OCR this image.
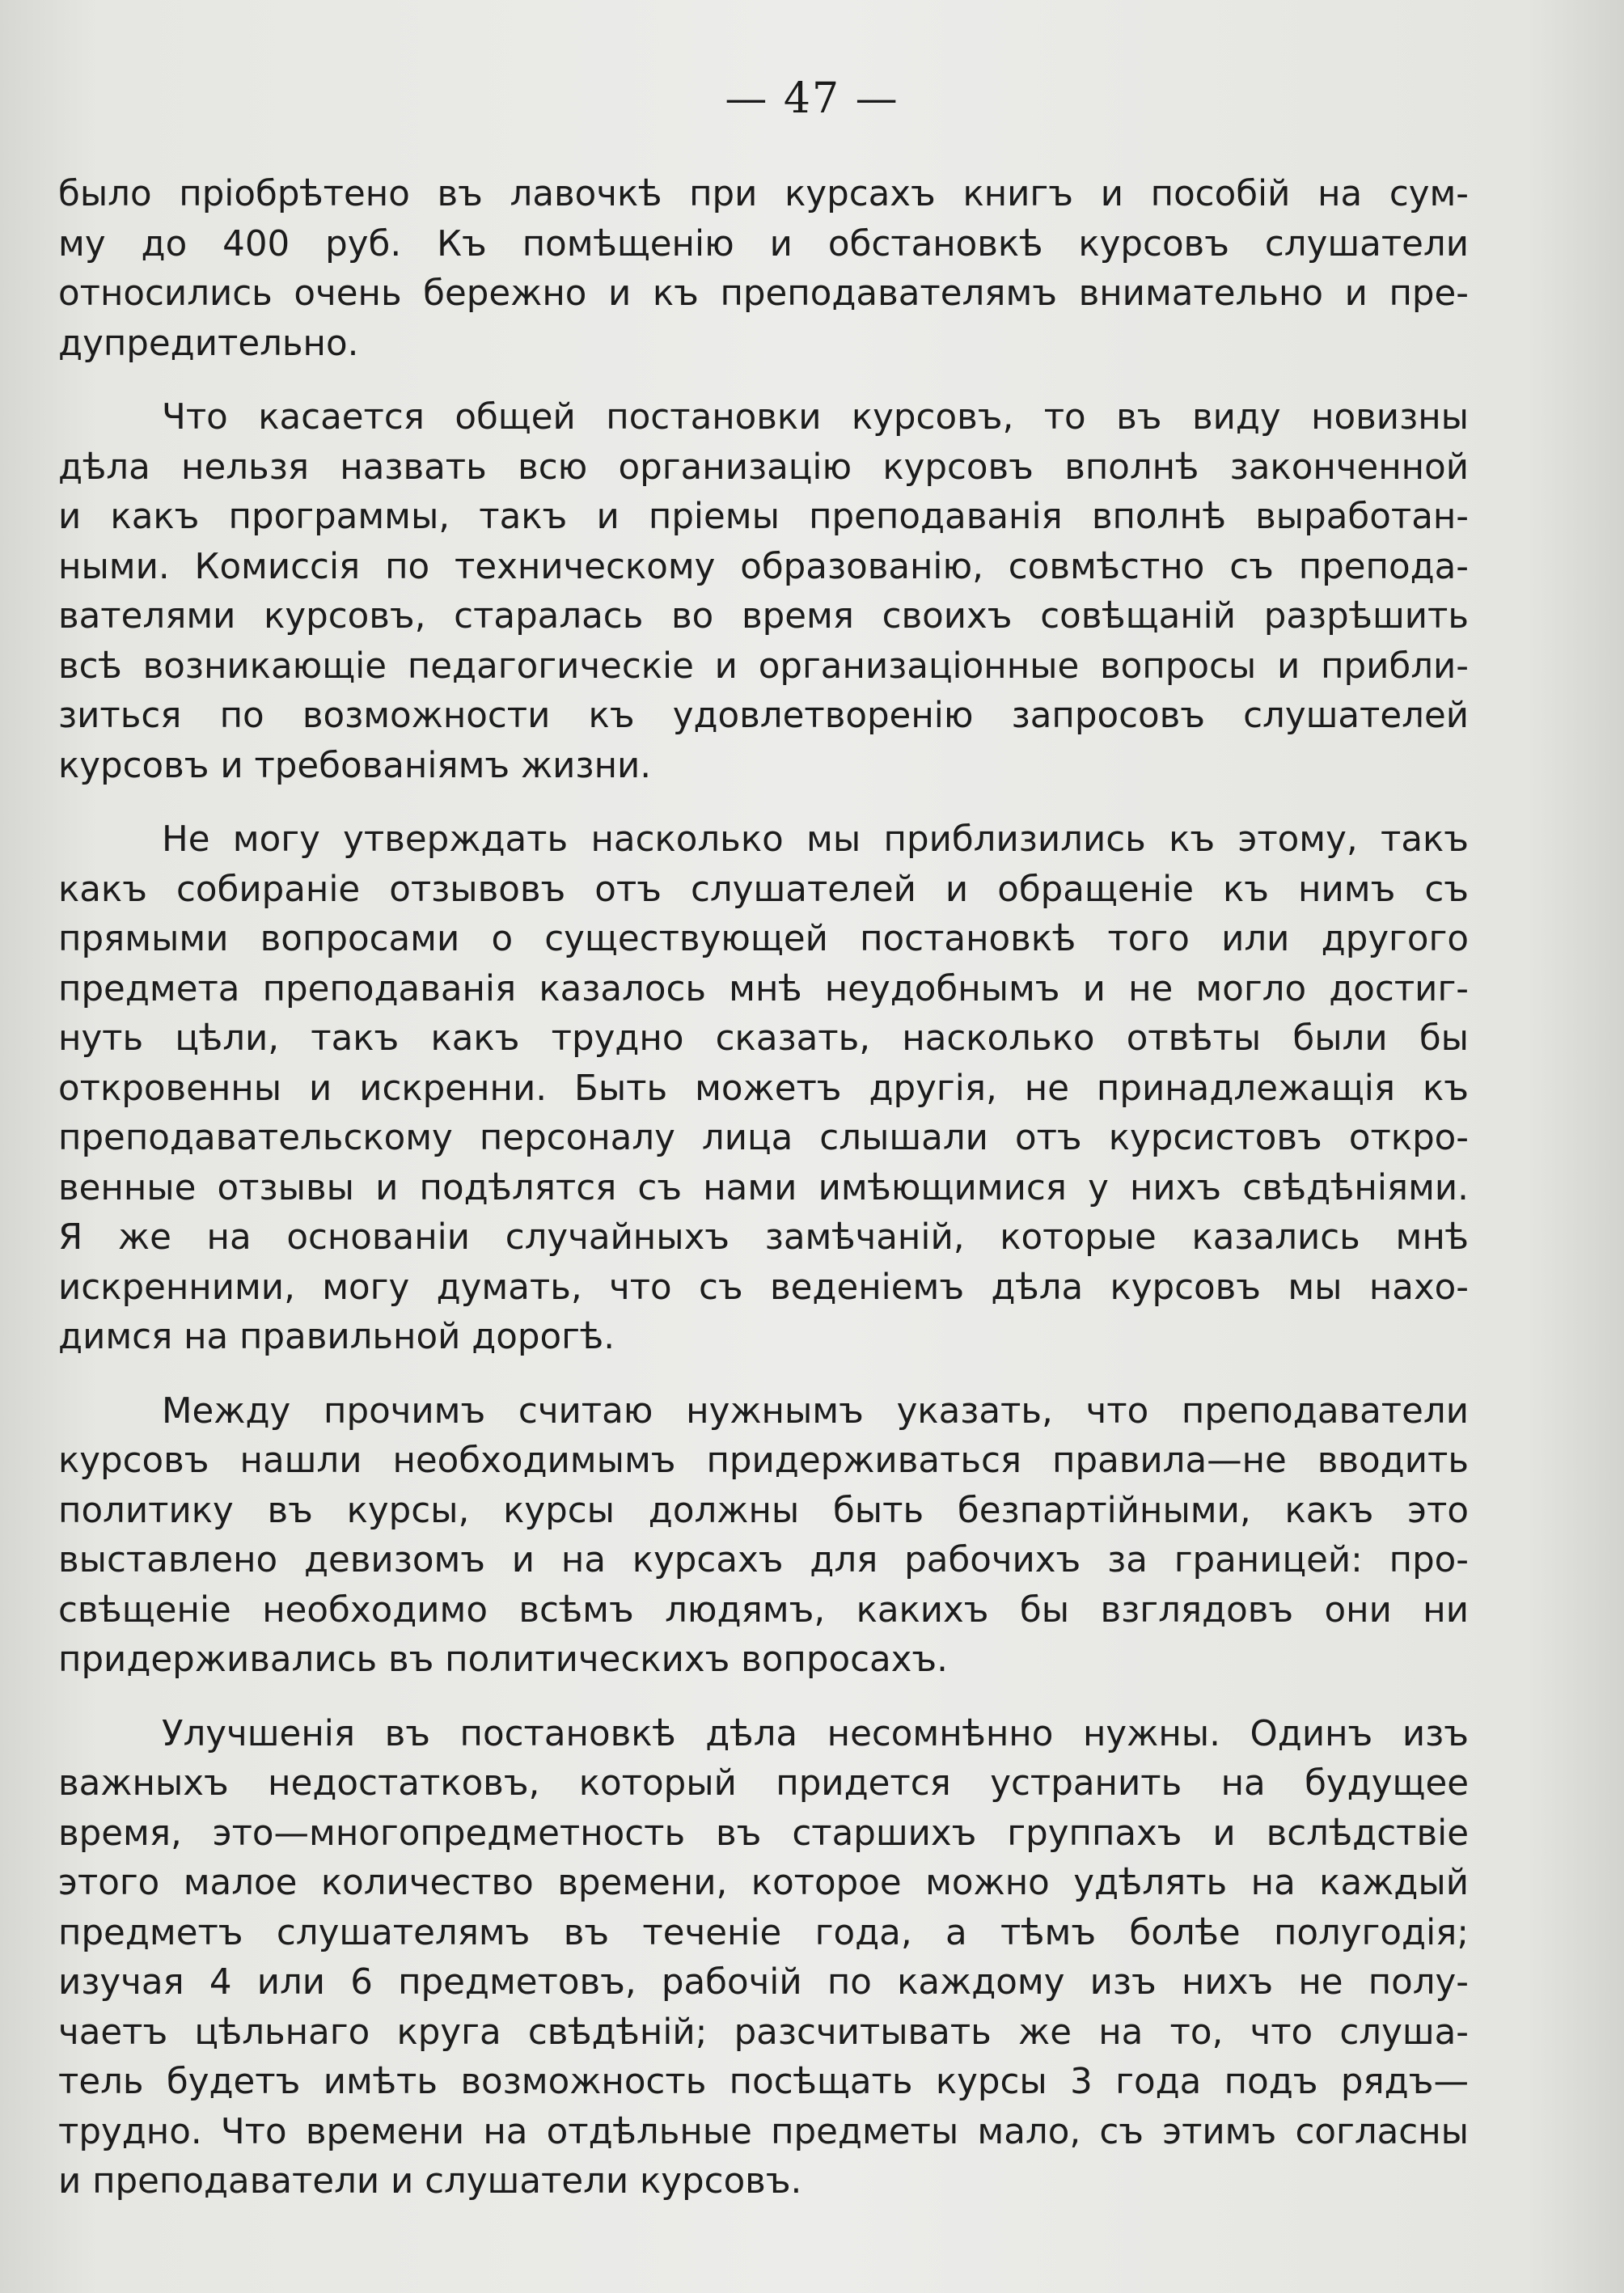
— 47 —
было пріобрѣтено въ лавочкѣ при курсахъ книгъ и пособій на сум-
му до 400 руб. Къ помѣщенію и обстановкѣ курсовъ слушатели
относились очень бережно и къ преподавателямъ внимательно и пре-
дупредительно.
Что касается общей постановки курсовъ, то въ виду новизны
дѣла нельзя назвать всю организацію курсовъ вполнѣ законченной
и какъ программы, такъ и пріемы преподаванія вполнѣ выработан-
ными. Комиссія по техническому образованію, совмѣстно съ препода-
вателями курсовъ, старалась во время своихъ совѣщаній разрѣшить
всѣ возникающіе педагогическіе и организаціонные вопросы и прибли-
зиться по возможности къ удовлетворенію запросовъ слушателей
курсовъ и требованіямъ жизни.
Не могу утверждать насколько мы приблизились къ этому, такъ
какъ собираніе отзывовъ отъ слушателей и обращеніе къ нимъ съ
прямыми вопросами о существующей постановкѣ того или другого
предмета преподаванія казалось мнѣ неудобнымъ и не могло достиг-
нуть цѣли, такъ какъ трудно сказать, насколько отвѣты были бы
откровенны и искренни. Быть можетъ другія, не принадлежащія къ
преподавательскому персоналу лица слышали отъ курсистовъ откро-
венные отзывы и подѣлятся съ нами имѣющимися у нихъ свѣдѣніями.
Я же на основаніи случайныхъ замѣчаній, которые казались мнѣ
искренними, могу думать, что съ веденіемъ дѣла курсовъ мы нахо-
димся на правильной дорогѣ.
Между прочимъ считаю нужнымъ указать, что преподаватели
курсовъ нашли необходимымъ придерживаться правила—не вводить
политику въ курсы, курсы должны быть безпартійными, какъ это
выставлено девизомъ и на курсахъ для рабочихъ за границей: про-
свѣщеніе необходимо всѣмъ людямъ, какихъ бы взглядовъ они ни
придерживались въ политическихъ вопросахъ.
Улучшенія въ постановкѣ дѣла несомнѣнно нужны. Одинъ изъ
важныхъ недостатковъ, который придется устранить на будущее
время, это—многопредметность въ старшихъ группахъ и вслѣдствіе
этого малое количество времени, которое можно удѣлять на каждый
предметъ слушателямъ въ теченіе года, а тѣмъ болѣе полугодія;
изучая 4 или 6 предметовъ, рабочій по каждому изъ нихъ не полу-
чаетъ цѣльнаго круга свѣдѣній; разсчитывать же на то, что слуша-
тель будетъ имѣть возможность посѣщать курсы 3 года подъ рядъ—
трудно. Что времени на отдѣльные предметы мало, съ этимъ согласны
и преподаватели и слушатели курсовъ.
